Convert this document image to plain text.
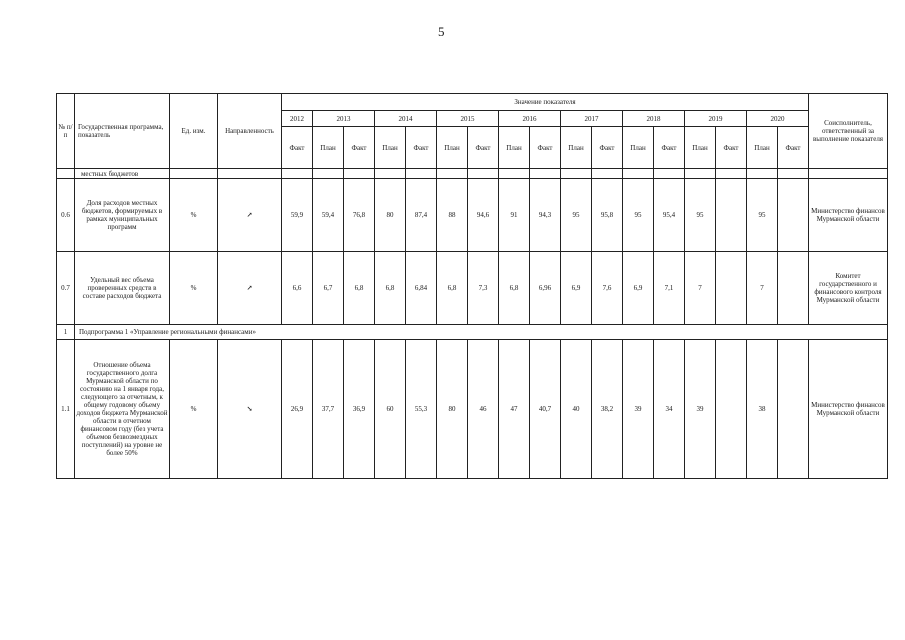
5
№ п/п	Государственная программа, показатель	Ед. изм.	Направленность	Значение показателя																	Соисполнитель, ответственный за выполнение показателя
				2012	2013		2014		2015		2016		2017		2018		2019		2020		
				Факт	План	Факт	План	Факт	План	Факт	План	Факт	План	Факт	План	Факт	План	Факт	План	Факт	
	местных бюджетов																				
0.6	Доля расходов местных бюджетов, формируемых в рамках муниципальных программ	%	↗	59,9	59,4	76,8	80	87,4	88	94,6	91	94,3	95	95,8	95	95,4	95		95		Министерство финансов Мурманской области
0.7	Удельный вес объема проверенных средств в составе расходов бюджета	%	↗	6,6	6,7	6,8	6,8	6,84	6,8	7,3	6,8	6,96	6,9	7,6	6,9	7,1	7		7		Комитет государственного и финансового контроля Мурманской области
1	Подпрограмма 1 «Управление региональными финансами»																				
1.1	Отношение объема государственного долга Мурманской области по состоянию на 1 января года, следующего за отчетным, к общему годовому объему доходов бюджета Мурманской области в отчетном финансовом году (без учета объемов безвозмездных поступлений) на уровне не более 50%	%	↘	26,9	37,7	36,9	60	55,3	80	46	47	40,7	40	38,2	39	34	39		38		Министерство финансов Мурманской области
